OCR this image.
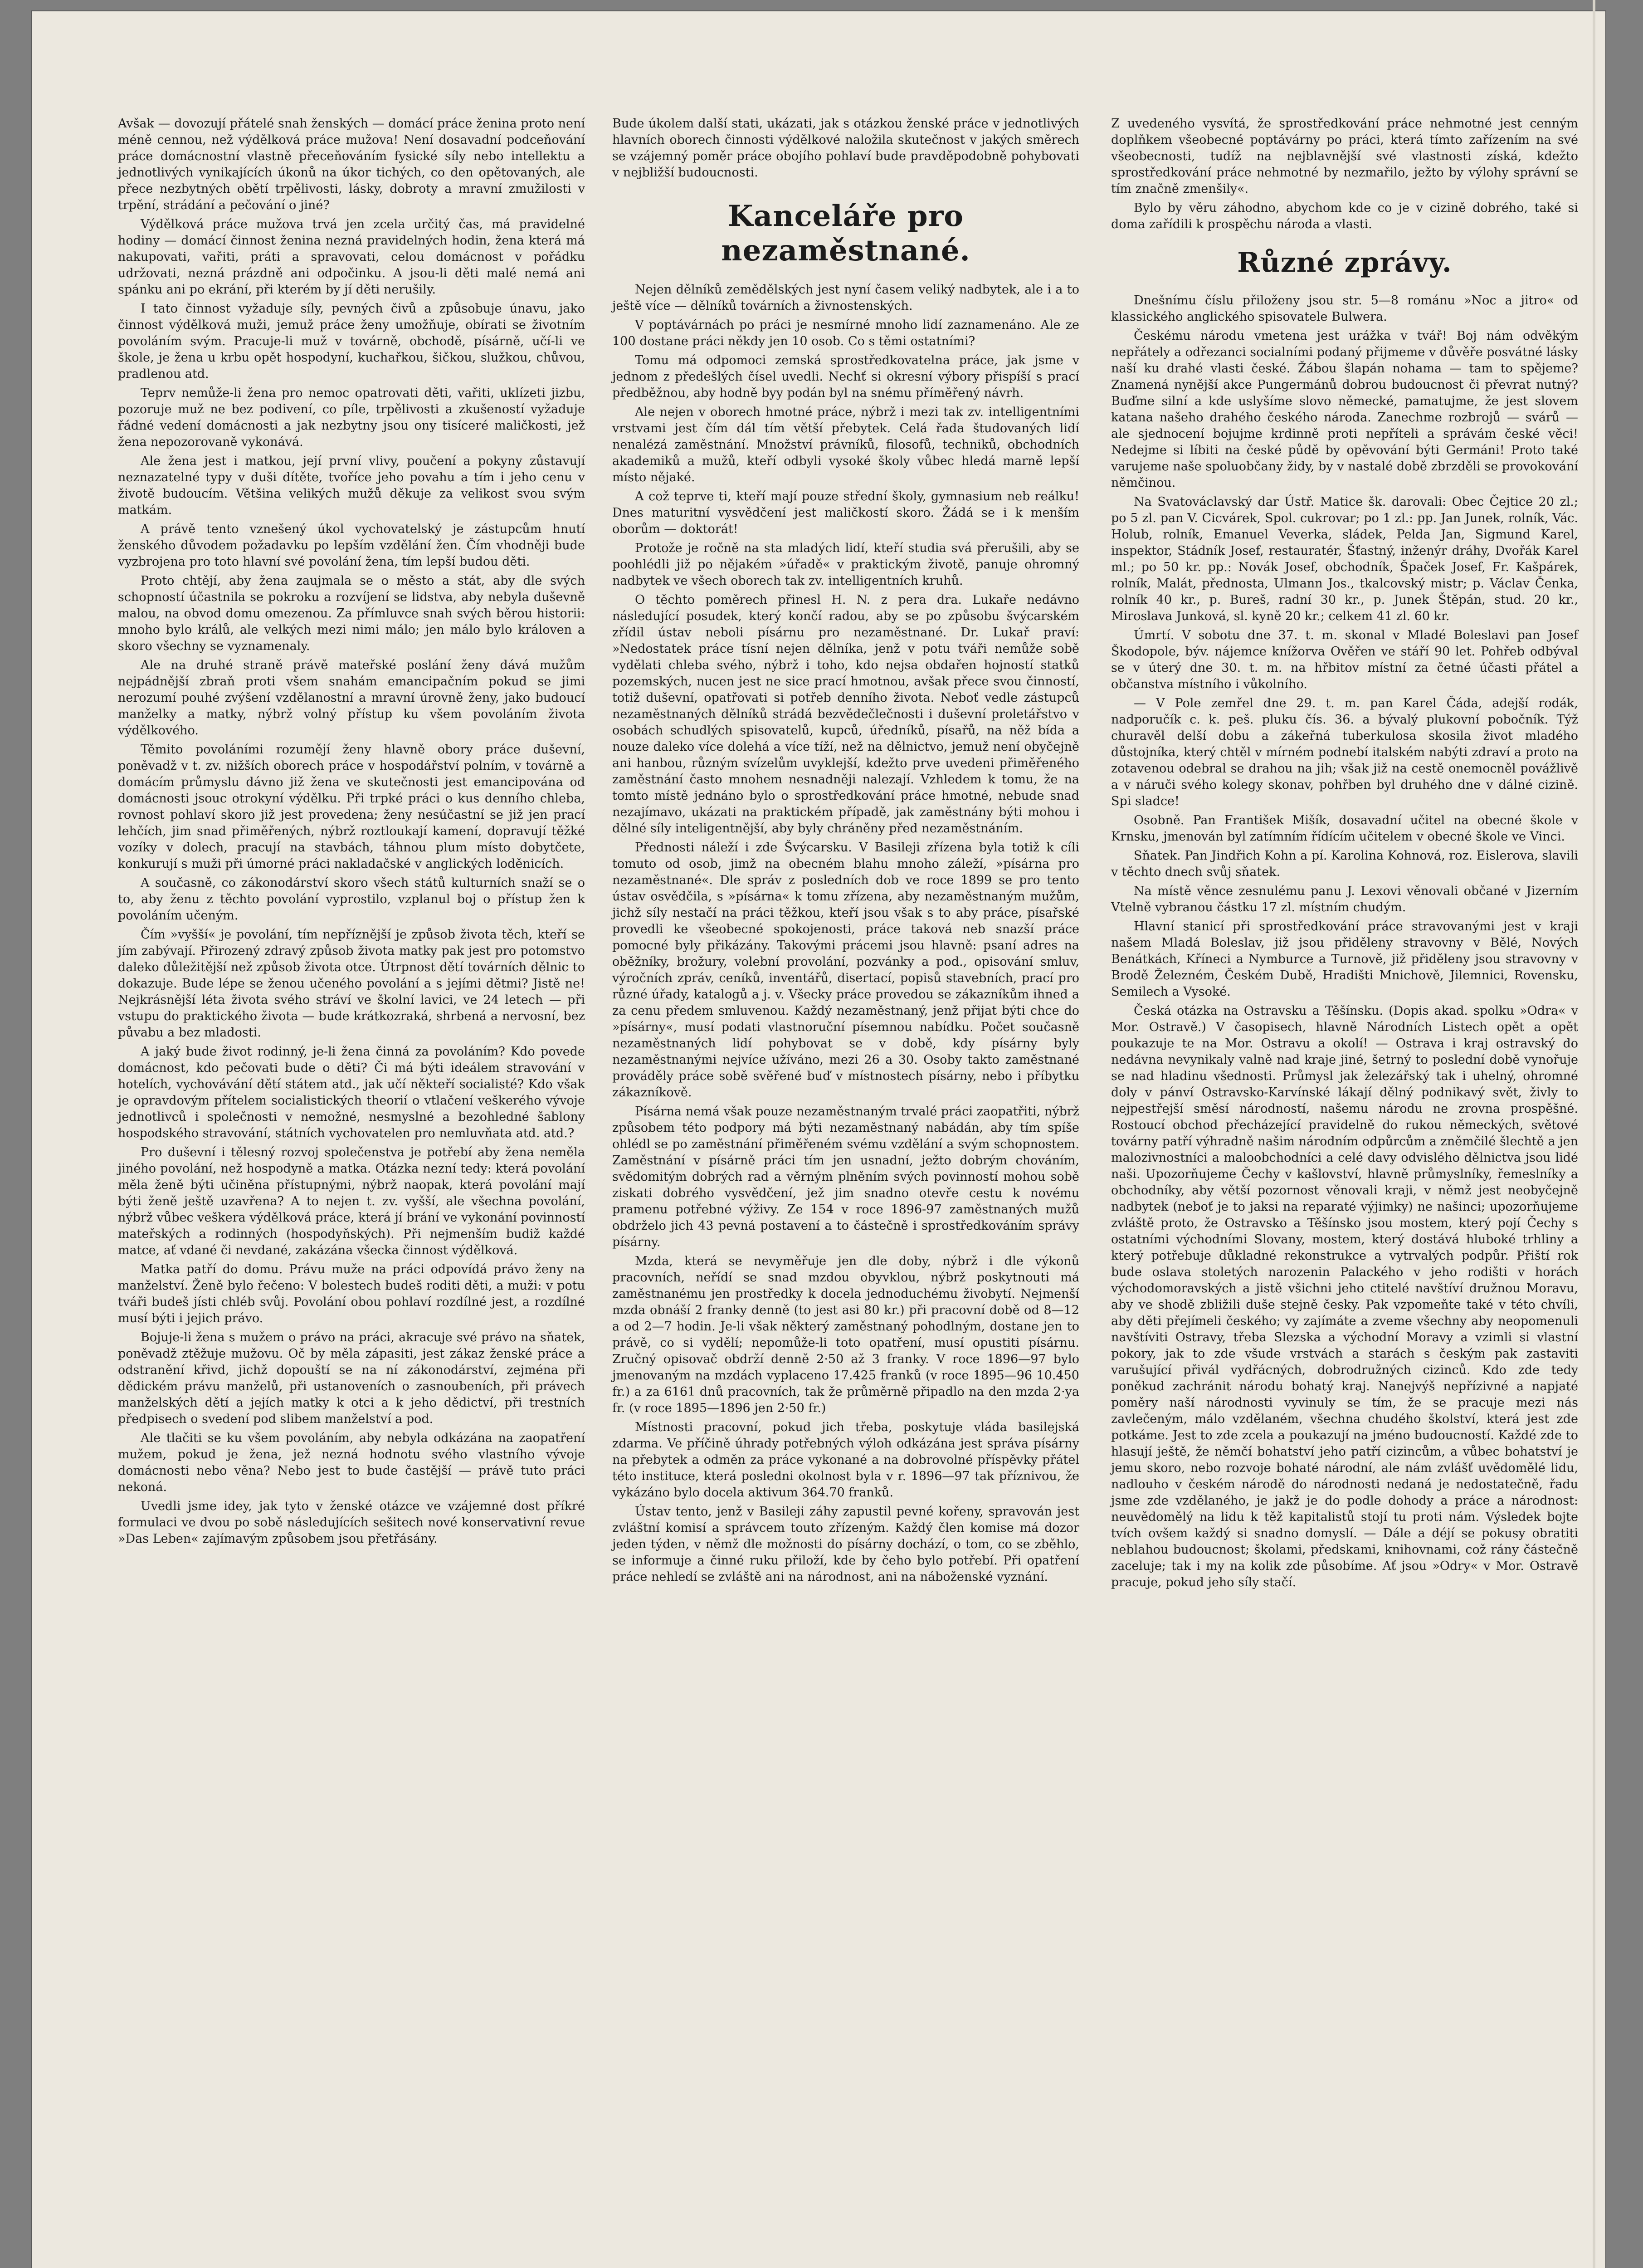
Avšak — dovozují přátelé snah ženských — domácí práce ženina proto není méně cennou, než výdělková práce mužova! Není dosavadní podceňování práce domácnostní vlastně přeceňováním fysické síly nebo intellektu a jednotlivých vynikajících úkonů na úkor tichých, co den opětovaných, ale přece nezbytných obětí trpělivosti, lásky, dobroty a mravní zmužilosti v trpění, strádání a pečování o jiné?

Výdělková práce mužova trvá jen zcela určitý čas, má pravidelné hodiny — domácí činnost ženina nezná pravidelných hodin, žena která má nakupovati, vařiti, práti a spravovati, celou domácnost v pořádku udržovati, nezná prázdně ani odpočinku. A jsou-li děti malé nemá ani spánku ani po ekrání, při kterém by jí děti nerušily.

I tato činnost vyžaduje síly, pevných čivů a způsobuje únavu, jako činnost výdělková muži, jemuž práce ženy umožňuje, obírati se životním povoláním svým. Pracuje-li muž v továrně, obchodě, písárně, učí-li ve škole, je žena u krbu opět hospodyní, kuchařkou, šičkou, služkou, chůvou, pradlenou atd.

Teprv nemůže-li žena pro nemoc opatrovati děti, vařiti, uklízeti jizbu, pozoruje muž ne bez podivení, co píle, trpělivosti a zkušeností vyžaduje řádné vedení domácnosti a jak nezbytny jsou ony tisíceré maličkosti, jež žena nepozorovaně vykonává.

Ale žena jest i matkou, její první vlivy, poučení a pokyny zůstavují neznazatelné typy v duši dítěte, tvoříce jeho povahu a tím i jeho cenu v životě budoucím. Většina velikých mužů děkuje za velikost svou svým matkám.

A právě tento vznešený úkol vychovatelský je zástupcům hnutí ženského důvodem požadavku po lepším vzdělání žen. Čím vhodněji bude vyzbrojena pro toto hlavní své povolání žena, tím lepší budou děti.

Proto chtějí, aby žena zaujmala se o město a stát, aby dle svých schopností účastnila se pokroku a rozvíjení se lidstva, aby nebyla duševně malou, na obvod domu omezenou. Za přímluvce snah svých běrou historii: mnoho bylo králů, ale velkých mezi nimi málo; jen málo bylo královen a skoro všechny se vyznamenaly.

Ale na druhé straně právě mateřské poslání ženy dává mužům nejpádnější zbraň proti všem snahám emancipačním pokud se jimi nerozumí pouhé zvýšení vzdělanostní a mravní úrovně ženy, jako budoucí manželky a matky, nýbrž volný přístup ku všem povoláním života výdělkového.

Těmito povoláními rozumějí ženy hlavně obory práce duševní, poněvadž v t. zv. nižších oborech práce v hospodářství polním, v továrně a domácím průmyslu dávno již žena ve skutečnosti jest emancipována od domácnosti jsouc otrokyní výdělku. Při trpké práci o kus denního chleba, rovnost pohlaví skoro již jest provedena; ženy nesúčastní se již jen prací lehčích, jim snad přiměřených, nýbrž roztloukají kamení, dopravují těžké vozíky v dolech, pracují na stavbách, táhnou plum místo dobytčete, konkurují s muži při úmorné práci nakladačské v anglických loděnicích.

A současně, co zákonodárství skoro všech států kulturních snaží se o to, aby ženu z těchto povolání vyprostilo, vzplanul boj o přístup žen k povoláním učeným.

Čím »vyšší« je povolání, tím nepříznější je způsob života těch, kteří se jím zabývají. Přirozený zdravý způsob života matky pak jest pro potomstvo daleko důležitější než způsob života otce. Útrpnost dětí továrních dělnic to dokazuje. Bude lépe se ženou učeného povolání a s jejími dětmi? Jistě ne! Nejkrásnější léta života svého stráví ve školní lavici, ve 24 letech — při vstupu do praktického života — bude krátkozraká, shrbená a nervosní, bez půvabu a bez mladosti.

A jaký bude život rodinný, je-li žena činná za povoláním? Kdo povede domácnost, kdo pečovati bude o děti? Či má býti ideálem stravování v hotelích, vychovávání dětí státem atd., jak učí někteří socialisté? Kdo však je opravdovým přítelem socialistických theorií o vtlačení veškerého vývoje jednotlivců i společnosti v nemožné, nesmyslné a bezohledné šablony hospodského stravování, státních vychovatelen pro nemluvňata atd. atd.?

Pro duševní i tělesný rozvoj společenstva je potřebí aby žena neměla jiného povolání, než hospodyně a matka. Otázka nezní tedy: která povolání měla ženě býti učiněna přístupnými, nýbrž naopak, která povolání mají býti ženě ještě uzavřena? A to nejen t. zv. vyšší, ale všechna povolání, nýbrž vůbec veškera výdělková práce, která jí brání ve vykonání povinností mateřských a rodinných (hospodyňských). Při nejmenším budiž každé matce, ať vdané či nevdané, zakázána všecka činnost výdělková.

Matka patří do domu. Právu muže na práci odpovídá právo ženy na manželství. Ženě bylo řečeno: V bolestech budeš roditi děti, a muži: v potu tváři budeš jísti chléb svůj. Povolání obou pohlaví rozdílné jest, a rozdílné musí býti i jejich právo.

Bojuje-li žena s mužem o právo na práci, akracuje své právo na sňatek, poněvadž ztěžuje mužovu. Oč by měla zápasiti, jest zákaz ženské práce a odstranění křivd, jichž dopouští se na ní zákonodárství, zejména při dědickém právu manželů, při ustanoveních o zasnoubeních, při právech manželských dětí a jejích matky k otci a k jeho dědictví, při trestních předpisech o svedení pod slibem manželství a pod.

Ale tlačiti se ku všem povoláním, aby nebyla odkázána na zaopatření mužem, pokud je žena, jež nezná hodnotu svého vlastního vývoje domácnosti nebo věna? Nebo jest to bude častější — právě tuto práci nekoná.

Uvedli jsme idey, jak tyto v ženské otázce ve vzájemné dost příkré formulaci ve dvou po sobě následujících sešitech nové konservativní revue »Das Leben« zajímavým způsobem jsou přetřásány.

Bude úkolem další stati, ukázati, jak s otázkou ženské práce v jednotlivých hlavních oborech činnosti výdělkové naložila skutečnost v jakých směrech se vzájemný poměr práce obojího pohlaví bude pravděpodobně pohybovati v nejbližší budoucnosti.

Kanceláře pro nezaměstnané.

Nejen dělníků zemědělských jest nyní časem veliký nadbytek, ale i a to ještě více — dělníků továrních a živnostenských.

V poptávárnách po práci je nesmírné mnoho lidí zaznamenáno. Ale ze 100 dostane práci někdy jen 10 osob. Co s těmi ostatními?

Tomu má odpomoci zemská sprostředkovatelna práce, jak jsme v jednom z předešlých čísel uvedli. Nechť si okresní výbory přispíší s prací předběžnou, aby hodně byy podán byl na snému příměřený návrh.

Ale nejen v oborech hmotné práce, nýbrž i mezi tak zv. intelligentními vrstvami jest čím dál tím větší přebytek. Celá řada študovaných lidí nenalézá zaměstnání. Množství právníků, filosofů, techniků, obchodních akademiků a mužů, kteří odbyli vysoké školy vůbec hledá marně lepší místo nějaké.

A což teprve ti, kteří mají pouze střední školy, gymnasium neb reálku! Dnes maturitní vysvědčení jest maličkostí skoro. Žádá se i k menším oborům — doktorát!

Protože je ročně na sta mladých lidí, kteří studia svá přerušili, aby se poohlédli již po nějakém »úřadě« v praktickým životě, panuje ohromný nadbytek ve všech oborech tak zv. intelligentních kruhů.

O těchto poměrech přinesl H. N. z pera dra. Lukaře nedávno následující posudek, který končí radou, aby se po způsobu švýcarském zřídil ústav neboli písárnu pro nezaměstnané. Dr. Lukař praví: »Nedostatek práce tísní nejen dělníka, jenž v potu tváři nemůže sobě vydělati chleba svého, nýbrž i toho, kdo nejsa obdařen hojností statků pozemských, nucen jest ne sice prací hmotnou, avšak přece svou činností, totiž duševní, opatřovati si potřeb denního života. Neboť vedle zástupců nezaměstnaných dělníků strádá bezvědečlečnosti i duševní proletářstvo v osobách schudlých spisovatelů, kupců, úředníků, písařů, na něž bída a nouze daleko více dolehá a více tíží, než na dělnictvo, jemuž není obyčejně ani hanbou, různým svízelům uvyklejší, kdežto prve uvedeni přiměřeného zaměstnání často mnohem nesnadněji nalezají. Vzhledem k tomu, že na tomto místě jednáno bylo o sprostředkování práce hmotné, nebude snad nezajímavo, ukázati na praktickém případě, jak zaměstnány býti mohou i dělné síly inteligentnější, aby byly chráněny před nezaměstnáním.

Přednosti náleží i zde Švýcarsku. V Basileji zřízena byla totiž k cíli tomuto od osob, jimž na obecném blahu mnoho záleží, »písárna pro nezaměstnané«. Dle správ z posledních dob ve roce 1899 se pro tento ústav osvědčila, s »písárna« k tomu zřízena, aby nezaměstnaným mužům, jichž síly nestačí na práci těžkou, kteří jsou však s to aby práce, písařské provedli ke všeobecné spokojenosti, práce taková neb snazší práce pomocné byly přikázány. Takovými prácemi jsou hlavně: psaní adres na oběžníky, brožury, volební provolání, pozvánky a pod., opisování smluv, výročních zpráv, ceníků, inventářů, disertací, popisů stavebních, prací pro různé úřady, katalogů a j. v. Všecky práce provedou se zákazníkům ihned a za cenu předem smluvenou. Každý nezaměstnaný, jenž přijat býti chce do »písárny«, musí podati vlastnoruční písemnou nabídku. Počet současně nezaměstnaných lidí pohybovat se v době, kdy písárny byly nezaměstnanými nejvíce užíváno, mezi 26 a 30. Osoby takto zaměstnané prováděly práce sobě svěřené buď v místnostech písárny, nebo i příbytku zákazníkově.

Písárna nemá však pouze nezaměstnaným trvalé práci zaopatřiti, nýbrž způsobem této podpory má býti nezaměstnaný nabádán, aby tím spíše ohlédl se po zaměstnání přiměřeném svému vzdělání a svým schopnostem. Zaměstnání v písárně práci tím jen usnadní, ježto dobrým chováním, svědomitým dobrých rad a věrným plněním svých povinností mohou sobě ziskati dobrého vysvědčení, jež jim snadno otevře cestu k novému pramenu potřebné výživy. Ze 154 v roce 1896-97 zaměstnaných mužů obdrželo jich 43 pevná postavení a to částečně i sprostředkováním správy písárny.

Mzda, která se nevyměřuje jen dle doby, nýbrž i dle výkonů pracovních, neřídí se snad mzdou obyvklou, nýbrž poskytnouti má zaměstnanému jen prostředky k docela jednoduchému živobytí. Nejmenší mzda obnáší 2 franky denně (to jest asi 80 kr.) při pracovní době od 8—12 a od 2—7 hodin. Je-li však některý zaměstnaný pohodlným, dostane jen to právě, co si vydělí; nepomůže-li toto opatření, musí opustiti písárnu. Zručný opisovač obdrží denně 2·50 až 3 franky. V roce 1896—97 bylo jmenovaným na mzdách vyplaceno 17.425 franků (v roce 1895—96 10.450 fr.) a za 6161 dnů pracovních, tak že průměrně připadlo na den mzda 2·ya fr. (v roce 1895—1896 jen 2·50 fr.)

Místnosti pracovní, pokud jich třeba, poskytuje vláda basilejská zdarma. Ve příčině úhrady potřebných výloh odkázána jest správa písárny na přebytek a odměn za práce vykonané a na dobrovolné příspěvky přátel této instituce, která posledni okolnost byla v r. 1896—97 tak příznivou, že vykázáno bylo docela aktivum 364.70 franků.

Ústav tento, jenž v Basileji záhy zapustil pevné kořeny, spravován jest zvláštní komisí a správcem touto zřízeným. Každý člen komise má dozor jeden týden, v němž dle možnosti do písárny dochází, o tom, co se zběhlo, se informuje a činné ruku přiloží, kde by čeho bylo potřebí. Při opatření práce nehledí se zvláště ani na národnost, ani na náboženské vyznání.

Z uvedeného vysvítá, že sprostředkování práce nehmotné jest cenným doplňkem všeobecné poptávárny po práci, která tímto zařízením na své všeobecnosti, tudíž na nejblavnější své vlastnosti získá, kdežto sprostředkování práce nehmotné by nezmařilo, ježto by výlohy správní se tím značně zmenšily«.

Bylo by věru záhodno, abychom kde co je v cizině dobrého, také si doma zařídili k prospěchu národa a vlasti.

Různé zprávy.

Dnešnímu číslu přiloženy jsou str. 5—8 románu »Noc a jitro« od klassického anglického spisovatele Bulwera.

Českému národu vmetena jest urážka v tvář! Boj nám odvěkým nepřátely a odřezanci socialními podaný přijmeme v důvěře posvátné lásky naší ku drahé vlasti české. Žábou šlapán nohama — tam to spějeme? Znamená nynější akce Pungermánů dobrou budoucnost či převrat nutný? Buďme silní a kde uslyšíme slovo německé, pamatujme, že jest slovem katana našeho drahého českého národa. Zanechme rozbrojů — svárů — ale sjednocení bojujme krdinně proti nepříteli a správám české věci! Nedejme si líbiti na české půdě by opěvování býti Germáni! Proto také varujeme naše spoluobčany židy, by v nastalé době zbrzděli se provokování němčinou.

Na Svatováclavský dar Ústř. Matice šk. darovali: Obec Čejtice 20 zl.; po 5 zl. pan V. Cicvárek, Spol. cukrovar; po 1 zl.: pp. Jan Junek, rolník, Vác. Holub, rolník, Emanuel Veverka, sládek, Pelda Jan, Sigmund Karel, inspektor, Stádník Josef, restauratér, Šťastný, inženýr dráhy, Dvořák Karel ml.; po 50 kr. pp.: Novák Josef, obchodník, Špaček Josef, Fr. Kašpárek, rolník, Malát, přednosta, Ulmann Jos., tkalcovský mistr; p. Václav Čenka, rolník 40 kr., p. Bureš, radní 30 kr., p. Junek Štěpán, stud. 20 kr., Miroslava Junková, sl. kyně 20 kr.; celkem 41 zl. 60 kr.

Úmrtí. V sobotu dne 37. t. m. skonal v Mladé Boleslavi pan Josef Škodopole, býv. nájemce knížorva Ověřen ve stáří 90 let. Pohřeb odbýval se v úterý dne 30. t. m. na hřbitov místní za četné účasti přátel a občanstva místního i vůkolního.

— V Pole zemřel dne 29. t. m. pan Karel Čáda, adejší rodák, nadporučík c. k. peš. pluku čís. 36. a bývalý plukovní pobočník. Týž churavěl delší dobu a zákeřná tuberkulosa skosila život mladého důstojníka, který chtěl v mírném podnebí italském nabýti zdraví a proto na zotavenou odebral se drahou na jih; však již na cestě onemocněl povážlivě a v náruči svého kolegy skonav, pohřben byl druhého dne v dálné cizině. Spi sladce!

Osobně. Pan František Mišík, dosavadní učitel na obecné škole v Krnsku, jmenován byl zatímním řídícím učitelem v obecné škole ve Vinci.

Sňatek. Pan Jindřich Kohn a pí. Karolina Kohnová, roz. Eislerova, slavili v těchto dnech svůj sňatek.

Na místě věnce zesnulému panu J. Lexovi věnovali občané v Jizerním Vtelně vybranou částku 17 zl. místním chudým.

Hlavní stanicí při sprostředkování práce stravovanými jest v kraji našem Mladá Boleslav, již jsou přiděleny stravovny v Bělé, Nových Benátkách, Kříneci a Nymburce a Turnově, již přiděleny jsou stravovny v Brodě Železném, Českém Dubě, Hradišti Mnichově, Jilemnici, Rovensku, Semilech a Vysoké.

Česká otázka na Ostravsku a Těšínsku. (Dopis akad. spolku »Odra« v Mor. Ostravě.) V časopisech, hlavně Národních Listech opět a opět poukazuje te na Mor. Ostravu a okolí! — Ostrava i kraj ostravský do nedávna nevynikaly valně nad kraje jiné, šetrný to poslední době vynořuje se nad hladinu všednosti. Průmysl jak železářský tak i uhelný, ohromné doly v pánví Ostravsko-Karvínské lákají dělný podnikavý svět, živly to nejpestřejší směsí národností, našemu národu ne zrovna prospěšné. Rostoucí obchod přecházející pravidelně do rukou německých, světové továrny patří výhradně našim národním odpůrcům a zněmčilé šlechtě a jen malozivnostníci a maloobchodníci a celé davy odvislého dělnictva jsou lidé naši. Upozorňujeme Čechy v kašlovství, hlavně průmyslníky, řemeslníky a obchodníky, aby větší pozornost věnovali kraji, v němž jest neobyčejně nadbytek (neboť je to jaksi na reparaté výjimky) ne našinci; upozorňujeme zvláště proto, že Ostravsko a Těšínsko jsou mostem, který pojí Čechy s ostatními východními Slovany, mostem, který dostává hluboké trhliny a který potřebuje důkladné rekonstrukce a vytrvalých podpůr. Přiští rok bude oslava stoletých narozenin Palackého v jeho rodišti v horách východomoravských a jistě všichni jeho ctitelé navštíví družnou Moravu, aby ve shodě zbližili duše stejně česky. Pak vzpomeňte také v této chvíli, aby děti přejímeli českého; vy zajímáte a zveme všechny aby neopomenuli navštíviti Ostravy, třeba Slezska a východní Moravy a vzimli si vlastní pokory, jak to zde všude vrstvách a starách s českým pak zastaviti varušující přivál vydřácných, dobrodružných cizinců. Kdo zde tedy poněkud zachránit národu bohatý kraj. Nanejvýš nepřízivné a napjaté poměry naší národnosti vyvinuly se tím, že se pracuje mezi nás zavlečeným, málo vzdělaném, všechna chudého školství, která jest zde potkáme. Jest to zde zcela a poukazují na jméno budoucností. Každé zde to hlasují ještě, že němčí bohatství jeho patří cizincům, a vůbec bohatství je jemu skoro, nebo rozvoje bohaté národní, ale nám zvlášť uvědomělé lidu, nadlouho v českém národě do národnosti nedaná je nedostatečně, řadu jsme zde vzdělaného, je jakž je do podle dohody a práce a národnost: neuvědomělý na lidu k těž kapitalistů stojí tu proti nám. Výsledek bojte tvích ovšem každý si snadno domyslí. — Dále a déjí se pokusy obratiti neblahou budoucnost; školami, předskami, knihovnami, což rány částečně zaceluje; tak i my na kolik zde působíme. Ať jsou »Odry« v Mor. Ostravě pracuje, pokud jeho síly stačí.
